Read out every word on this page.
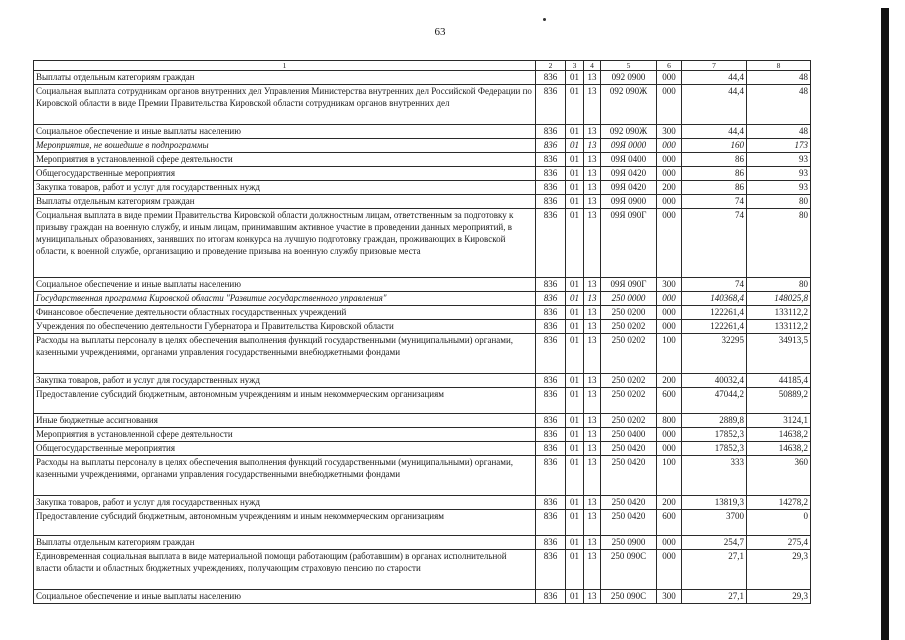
63
1	2	3	4	5	6	7	8
Выплаты отдельным категориям граждан	836	01	13	092 0900	000	44,4	48
Социальная выплата сотрудникам органов внутренних дел Управления Министерства внутренних дел Российской Федерации по Кировской области в виде Премии Правительства Кировской области сотрудникам органов внутренних дел	836	01	13	092 090Ж	000	44,4	48
Социальное обеспечение и иные выплаты населению	836	01	13	092 090Ж	300	44,4	48
Мероприятия, не вошедшие в подпрограммы	836	01	13	09Я 0000	000	160	173
Мероприятия в установленной сфере деятельности	836	01	13	09Я 0400	000	86	93
Общегосударственные мероприятия	836	01	13	09Я 0420	000	86	93
Закупка товаров, работ и услуг для государственных нужд	836	01	13	09Я 0420	200	86	93
Выплаты отдельным категориям граждан	836	01	13	09Я 0900	000	74	80
Социальная выплата в виде премии Правительства Кировской области должностным лицам, ответственным за подготовку к призыву граждан на военную службу, и иным лицам, принимавшим активное участие в проведении данных мероприятий, в муниципальных образованиях, занявших по итогам конкурса на лучшую подготовку граждан, проживающих в Кировской области, к военной службе, организацию и проведение призыва на военную службу призовые места	836	01	13	09Я 090Г	000	74	80
Социальное обеспечение и иные выплаты населению	836	01	13	09Я 090Г	300	74	80
Государственная программа Кировской области "Развитие государственного управления"	836	01	13	250 0000	000	140368,4	148025,8
Финансовое обеспечение деятельности областных государственных учреждений	836	01	13	250 0200	000	122261,4	133112,2
Учреждения по обеспечению деятельности Губернатора и Правительства Кировской области	836	01	13	250 0202	000	122261,4	133112,2
Расходы на выплаты персоналу в целях обеспечения выполнения функций государственными (муниципальными) органами, казенными учреждениями, органами управления государственными внебюджетными фондами	836	01	13	250 0202	100	32295	34913,5
Закупка товаров, работ и услуг для государственных нужд	836	01	13	250 0202	200	40032,4	44185,4
Предоставление субсидий бюджетным, автономным учреждениям и иным некоммерческим организациям	836	01	13	250 0202	600	47044,2	50889,2
Иные бюджетные ассигнования	836	01	13	250 0202	800	2889,8	3124,1
Мероприятия в установленной сфере деятельности	836	01	13	250 0400	000	17852,3	14638,2
Общегосударственные мероприятия	836	01	13	250 0420	000	17852,3	14638,2
Расходы на выплаты персоналу в целях обеспечения выполнения функций государственными (муниципальными) органами, казенными учреждениями, органами управления государственными внебюджетными фондами	836	01	13	250 0420	100	333	360
Закупка товаров, работ и услуг для государственных нужд	836	01	13	250 0420	200	13819,3	14278,2
Предоставление субсидий бюджетным, автономным учреждениям и иным некоммерческим организациям	836	01	13	250 0420	600	3700	0
Выплаты отдельным категориям граждан	836	01	13	250 0900	000	254,7	275,4
Единовременная социальная выплата в виде материальной помощи работающим (работавшим) в органах исполнительной власти области и областных бюджетных учреждениях, получающим страховую пенсию по старости	836	01	13	250 090С	000	27,1	29,3
Социальное обеспечение и иные выплаты населению	836	01	13	250 090С	300	27,1	29,3
